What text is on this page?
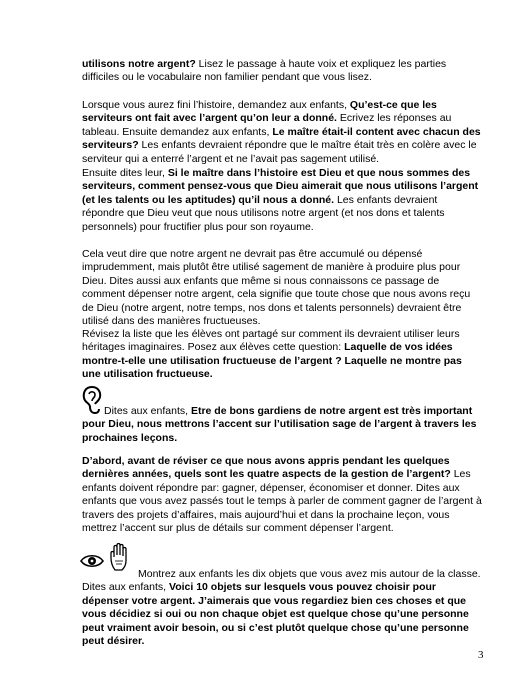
utilisons notre argent? Lisez le passage à haute voix et expliquez les parties difficiles ou le vocabulaire non familier pendant que vous lisez.

Lorsque vous aurez fini l’histoire, demandez aux enfants, Qu’est-ce que les serviteurs ont fait avec l’argent qu’on leur a donné. Ecrivez les réponses au tableau. Ensuite demandez aux enfants, Le maître était-il content avec chacun des serviteurs? Les enfants devraient répondre que le maître était très en colère avec le serviteur qui a enterré l’argent et ne l’avait pas sagement utilisé.

Ensuite dites leur, Si le maître dans l’histoire est Dieu et que nous sommes des serviteurs, comment pensez-vous que Dieu aimerait que nous utilisons l’argent (et les talents ou les aptitudes) qu’il nous a donné. Les enfants devraient répondre que Dieu veut que nous utilisons notre argent (et nos dons et talents personnels) pour fructifier plus pour son royaume.

Cela veut dire que notre argent ne devrait pas être accumulé ou dépensé imprudemment, mais plutôt être utilisé sagement de manière à produire plus pour Dieu. Dites aussi aux enfants que même si nous connaissons ce passage de comment dépenser notre argent, cela signifie que toute chose que nous avons reçu de Dieu (notre argent, notre temps, nos dons et talents personnels) devraient être utilisé dans des manières fructueuses.

Révisez la liste que les élèves ont partagé sur comment ils devraient utiliser leurs héritages imaginaires. Posez aux élèves cette question: Laquelle de vos idées montre-t-elle une utilisation fructueuse de l’argent ? Laquelle ne montre pas une utilisation fructueuse.

Dites aux enfants, Etre de bons gardiens de notre argent est très important pour Dieu, nous mettrons l’accent sur l’utilisation sage de l’argent à travers les prochaines leçons.

D’abord, avant de réviser ce que nous avons appris pendant les quelques dernières années, quels sont les quatre aspects de la gestion de l’argent? Les enfants doivent répondre par: gagner, dépenser, économiser et donner. Dites aux enfants que vous avez passés tout le temps à parler de comment gagner de l’argent à travers des projets d’affaires, mais aujourd’hui et dans la prochaine leçon, vous mettrez l’accent sur plus de détails sur comment dépenser l’argent.

Montrez aux enfants les dix objets que vous avez mis autour de la classe. Dites aux enfants, Voici 10 objets sur lesquels vous pouvez choisir pour dépenser votre argent. J’aimerais que vous regardiez bien ces choses et que vous décidiez si oui ou non chaque objet est quelque chose qu’une personne peut vraiment avoir besoin, ou si c’est plutôt quelque chose qu’une personne peut désirer.

3
